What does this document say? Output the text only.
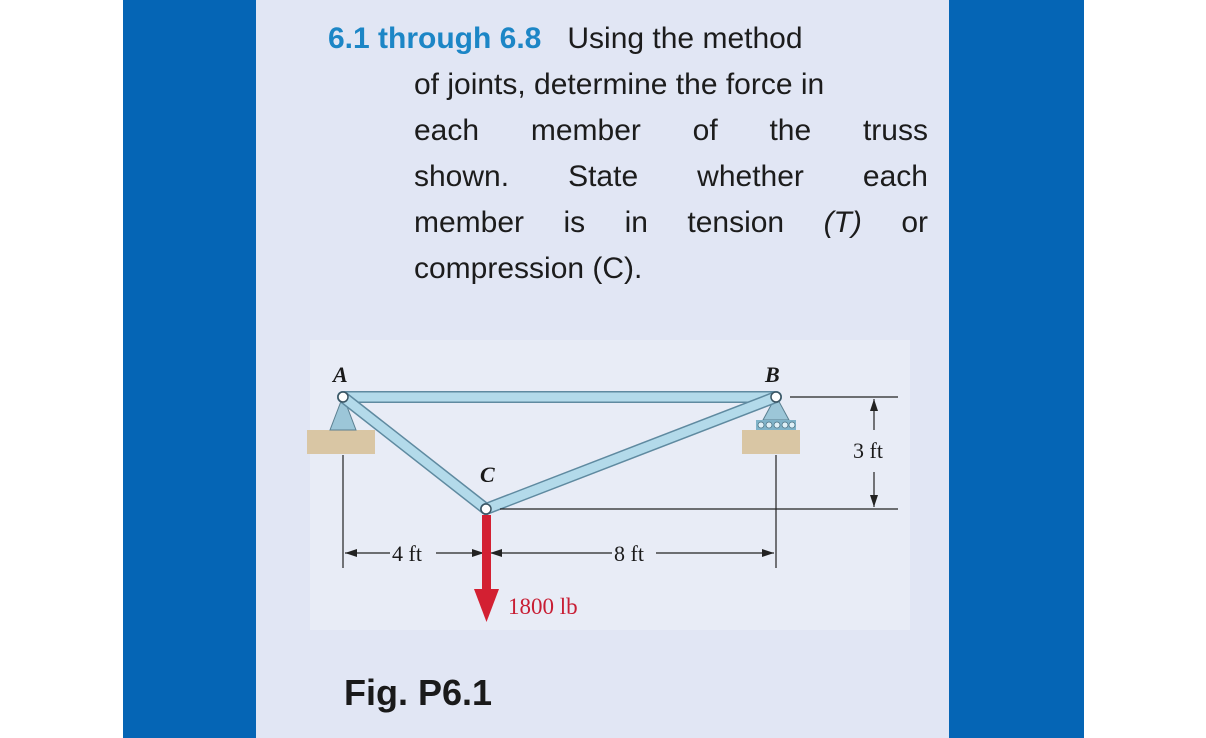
6.1 through 6.8 Using the method
of joints, determine the force in
each member of the truss
shown. State whether each
member is in tension (T) or
compression (C).
A	B
C
4 ft	8 ft
3 ft
1800 lb
Fig. P6.1
